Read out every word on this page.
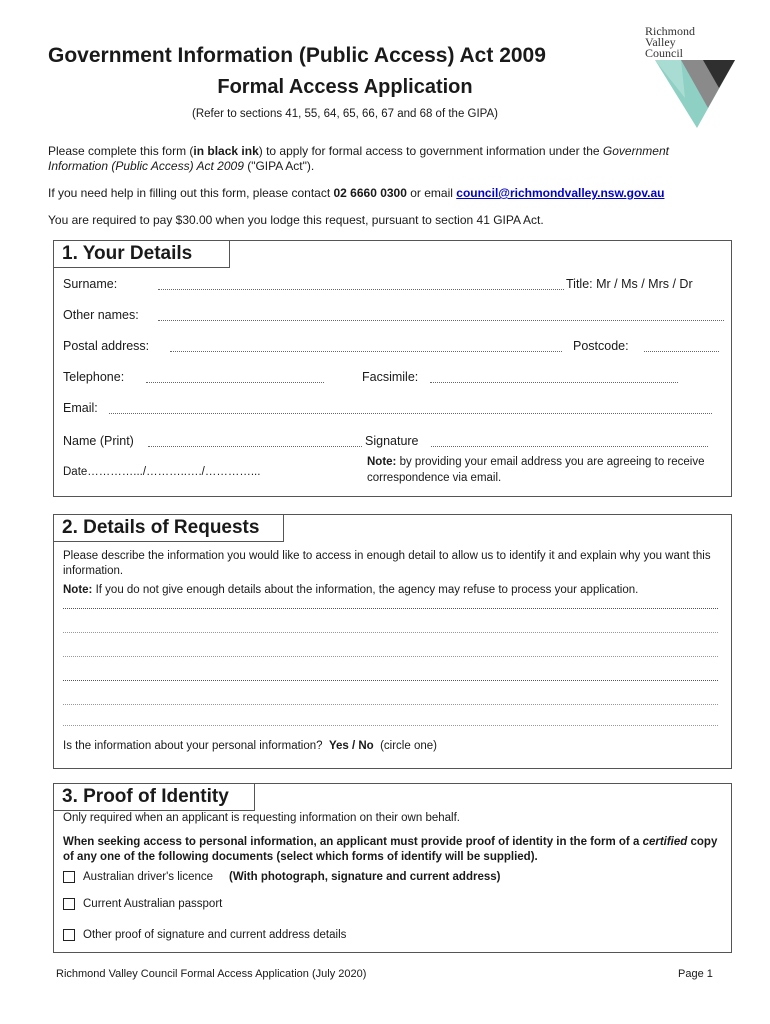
Government Information (Public Access) Act 2009
Formal Access Application
(Refer to sections 41, 55, 64, 65, 66, 67 and 68 of the GIPA)
Richmond
Valley
Council
Please complete this form (in black ink) to apply for formal access to government information under the Government Information (Public Access) Act 2009 ("GIPA Act").
If you need help in filling out this form, please contact 02 6660 0300 or email council@richmondvalley.nsw.gov.au
You are required to pay $30.00 when you lodge this request, pursuant to section 41 GIPA Act.
1. Your Details
Surname:	Title: Mr / Ms / Mrs / Dr
Other names:
Postal address:	Postcode:
Telephone:	Facsimile:
Email:
Name (Print)	Signature
Date………….../………..…./…………...
Note: by providing your email address you are agreeing to receive correspondence via email.
2. Details of Requests
Please describe the information you would like to access in enough detail to allow us to identify it and explain why you want this information.
Note: If you do not give enough details about the information, the agency may refuse to process your application.
Is the information about your personal information? Yes / No (circle one)
3. Proof of Identity
Only required when an applicant is requesting information on their own behalf.
When seeking access to personal information, an applicant must provide proof of identity in the form of a certified copy of any one of the following documents (select which forms of identify will be supplied).
Australian driver's licence (With photograph, signature and current address)
Current Australian passport
Other proof of signature and current address details
Richmond Valley Council Formal Access Application (July 2020)	Page 1
